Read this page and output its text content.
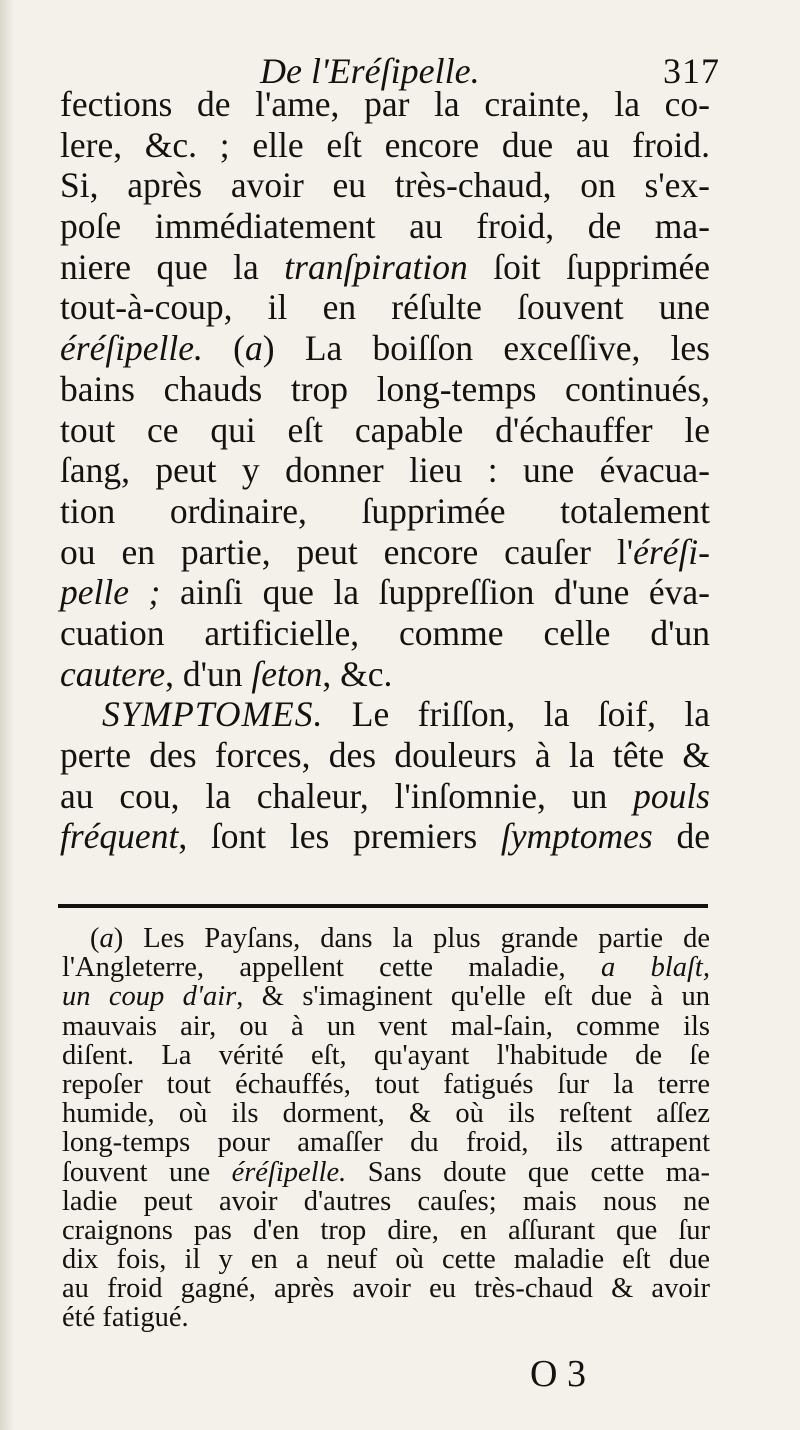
De l'Eréſipelle.	317
fections de l'ame, par la crainte, la co-
lere, &c. ; elle eſt encore due au froid.
Si, après avoir eu très-chaud, on s'ex-
poſe immédiatement au froid, de ma-
niere que la tranſpiration ſoit ſupprimée
tout-à-coup, il en réſulte ſouvent une
éréſipelle. (a) La boiſſon exceſſive, les
bains chauds trop long-temps continués,
tout ce qui eſt capable d'échauffer le
ſang, peut y donner lieu : une évacua-
tion ordinaire, ſupprimée totalement
ou en partie, peut encore cauſer l'éréſi-
pelle ; ainſi que la ſuppreſſion d'une éva-
cuation artificielle, comme celle d'un
cautere, d'un ſeton, &c.
SYMPTOMES. Le friſſon, la ſoif, la
perte des forces, des douleurs à la tête &
au cou, la chaleur, l'inſomnie, un pouls
fréquent, ſont les premiers ſymptomes de
(a) Les Payſans, dans la plus grande partie de
l'Angleterre, appellent cette maladie, a blaſt,
un coup d'air, & s'imaginent qu'elle eſt due à un
mauvais air, ou à un vent mal-ſain, comme ils
diſent. La vérité eſt, qu'ayant l'habitude de ſe
repoſer tout échauffés, tout fatigués ſur la terre
humide, où ils dorment, & où ils reſtent aſſez
long-temps pour amaſſer du froid, ils attrapent
ſouvent une éréſipelle. Sans doute que cette ma-
ladie peut avoir d'autres cauſes; mais nous ne
craignons pas d'en trop dire, en aſſurant que ſur
dix fois, il y en a neuf où cette maladie eſt due
au froid gagné, après avoir eu très-chaud & avoir
été fatigué.
O 3
